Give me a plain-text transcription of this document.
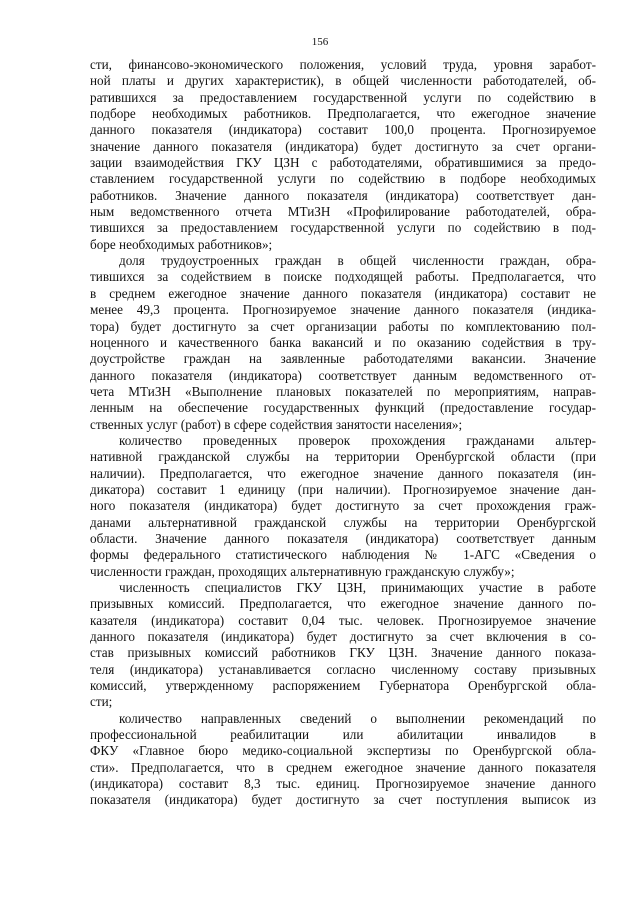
156
сти, финансово-экономического положения, условий труда, уровня заработ-
ной платы и других характеристик), в общей численности работодателей, об-
ратившихся за предоставлением государственной услуги по содействию в
подборе необходимых работников. Предполагается, что ежегодное значение
данного показателя (индикатора) составит 100,0 процента. Прогнозируемое
значение данного показателя (индикатора) будет достигнуто за счет органи-
зации взаимодействия ГКУ ЦЗН с работодателями, обратившимися за предо-
ставлением государственной услуги по содействию в подборе необходимых
работников. Значение данного показателя (индикатора) соответствует дан-
ным ведомственного отчета МТиЗН «Профилирование работодателей, обра-
тившихся за предоставлением государственной услуги по содействию в под-
боре необходимых работников»;
доля трудоустроенных граждан в общей численности граждан, обра-
тившихся за содействием в поиске подходящей работы. Предполагается, что
в среднем ежегодное значение данного показателя (индикатора) составит не
менее 49,3 процента. Прогнозируемое значение данного показателя (индика-
тора) будет достигнуто за счет организации работы по комплектованию пол-
ноценного и качественного банка вакансий и по оказанию содействия в тру-
доустройстве граждан на заявленные работодателями вакансии. Значение
данного показателя (индикатора) соответствует данным ведомственного от-
чета МТиЗН «Выполнение плановых показателей по мероприятиям, направ-
ленным на обеспечение государственных функций (предоставление государ-
ственных услуг (работ) в сфере содействия занятости населения»;
количество проведенных проверок прохождения гражданами альтер-
нативной гражданской службы на территории Оренбургской области (при
наличии). Предполагается, что ежегодное значение данного показателя (ин-
дикатора) составит 1 единицу (при наличии). Прогнозируемое значение дан-
ного показателя (индикатора) будет достигнуто за счет прохождения граж-
данами альтернативной гражданской службы на территории Оренбургской
области. Значение данного показателя (индикатора) соответствует данным
формы федерального статистического наблюдения № 1-АГС «Сведения о
численности граждан, проходящих альтернативную гражданскую службу»;
численность специалистов ГКУ ЦЗН, принимающих участие в работе
призывных комиссий. Предполагается, что ежегодное значение данного по-
казателя (индикатора) составит 0,04 тыс. человек. Прогнозируемое значение
данного показателя (индикатора) будет достигнуто за счет включения в со-
став призывных комиссий работников ГКУ ЦЗН. Значение данного показа-
теля (индикатора) устанавливается согласно численному составу призывных
комиссий, утвержденному распоряжением Губернатора Оренбургской обла-
сти;
количество направленных сведений о выполнении рекомендаций по
профессиональной реабилитации или абилитации инвалидов в
ФКУ «Главное бюро медико-социальной экспертизы по Оренбургской обла-
сти». Предполагается, что в среднем ежегодное значение данного показателя
(индикатора) составит 8,3 тыс. единиц. Прогнозируемое значение данного
показателя (индикатора) будет достигнуто за счет поступления выписок из
